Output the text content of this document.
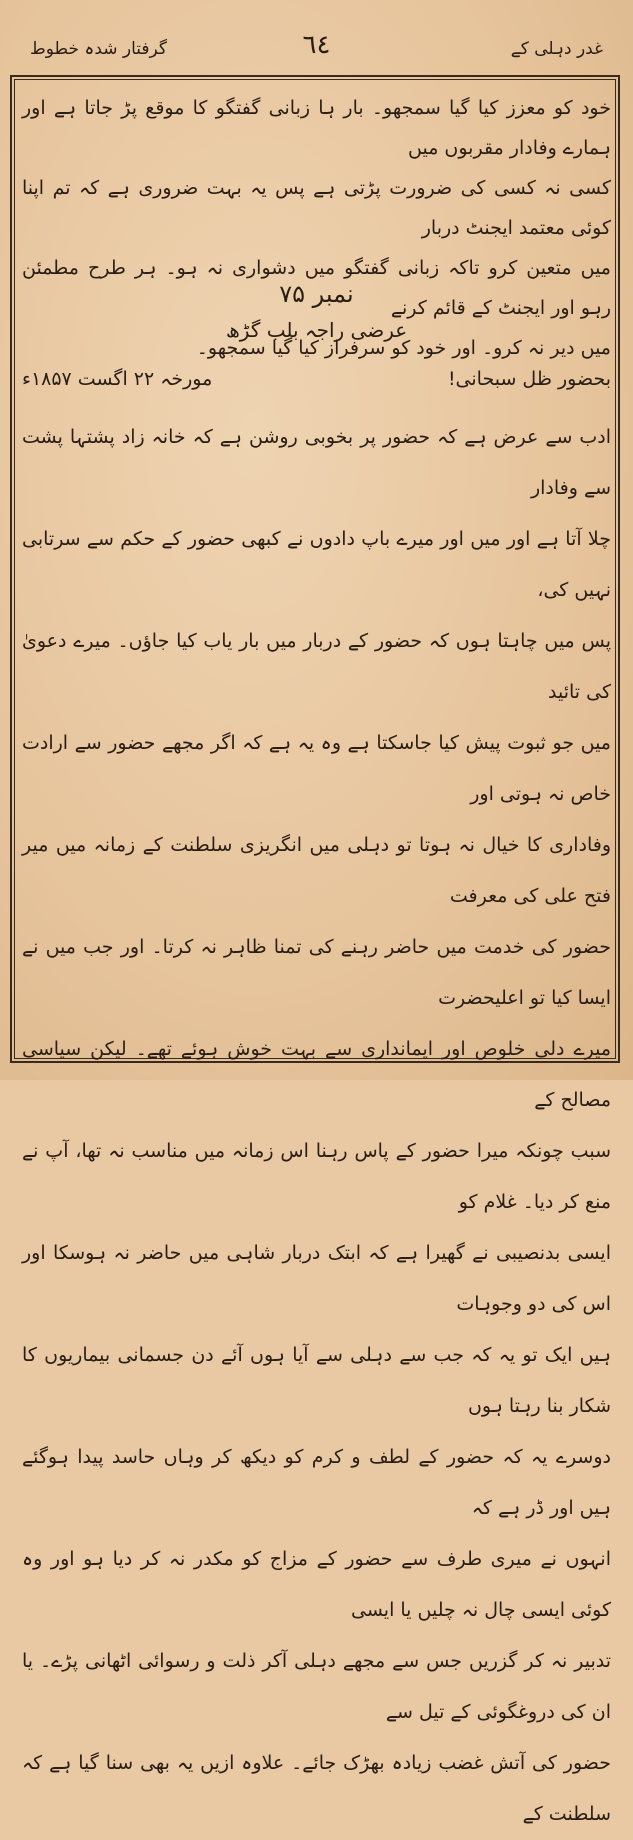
غدر دہلی کے
٦٤
گرفتار شدہ خطوط
خود کو معزز کیا گیا سمجھو۔ بار ہا زبانی گفتگو کا موقع پڑ جاتا ہے اور ہمارے وفادار مقربوں میں
کسی نہ کسی کی ضرورت پڑتی ہے پس یہ بہت ضروری ہے کہ تم اپنا کوئی معتمد ایجنٹ دربار
میں متعین کرو تاکہ زبانی گفتگو میں دشواری نہ ہو۔ ہر طرح مطمئن رہو اور ایجنٹ کے قائم کرنے
میں دیر نہ کرو۔ اور خود کو سرفراز کیا گیا سمجھو۔
نمبر ۷۵
عرضی راجہ بلب گڑھ
بحضور ظل سبحانی!
مورخہ ۲۲ اگست ۱۸۵۷ء
ادب سے عرض ہے کہ حضور پر بخوبی روشن ہے کہ خانہ زاد پشتہا پشت سے وفادار
چلا آتا ہے اور میں اور میرے باپ دادوں نے کبھی حضور کے حکم سے سرتابی نہیں کی،
پس میں چاہتا ہوں کہ حضور کے دربار میں بار یاب کیا جاؤں۔ میرے دعویٰ کی تائید
میں جو ثبوت پیش کیا جاسکتا ہے وہ یہ ہے کہ اگر مجھے حضور سے ارادت خاص نہ ہوتی اور
وفاداری کا خیال نہ ہوتا تو دہلی میں انگریزی سلطنت کے زمانہ میں میر فتح علی کی معرفت
حضور کی خدمت میں حاضر رہنے کی تمنا ظاہر نہ کرتا۔ اور جب میں نے ایسا کیا تو اعلیحضرت
میرے دلی خلوص اور ایمانداری سے بہت خوش ہوئے تھے۔ لیکن سیاسی مصالح کے
سبب چونکہ میرا حضور کے پاس رہنا اس زمانہ میں مناسب نہ تھا، آپ نے منع کر دیا۔ غلام کو
ایسی بدنصیبی نے گھیرا ہے کہ ابتک دربار شاہی میں حاضر نہ ہوسکا اور اس کی دو وجوہات
ہیں ایک تو یہ کہ جب سے دہلی سے آیا ہوں آئے دن جسمانی بیماریوں کا شکار بنا رہتا ہوں
دوسرے یہ کہ حضور کے لطف و کرم کو دیکھ کر وہاں حاسد پیدا ہوگئے ہیں اور ڈر ہے کہ
انہوں نے میری طرف سے حضور کے مزاج کو مکدر نہ کر دیا ہو اور وہ کوئی ایسی چال نہ چلیں یا ایسی
تدبیر نہ کر گزریں جس سے مجھے دہلی آکر ذلت و رسوائی اٹھانی پڑے۔ یا ان کی دروغگوئی کے تیل سے
حضور کی آتش غضب زیادہ بھڑک جائے۔ علاوہ ازیں یہ بھی سنا گیا ہے کہ سلطنت کے
